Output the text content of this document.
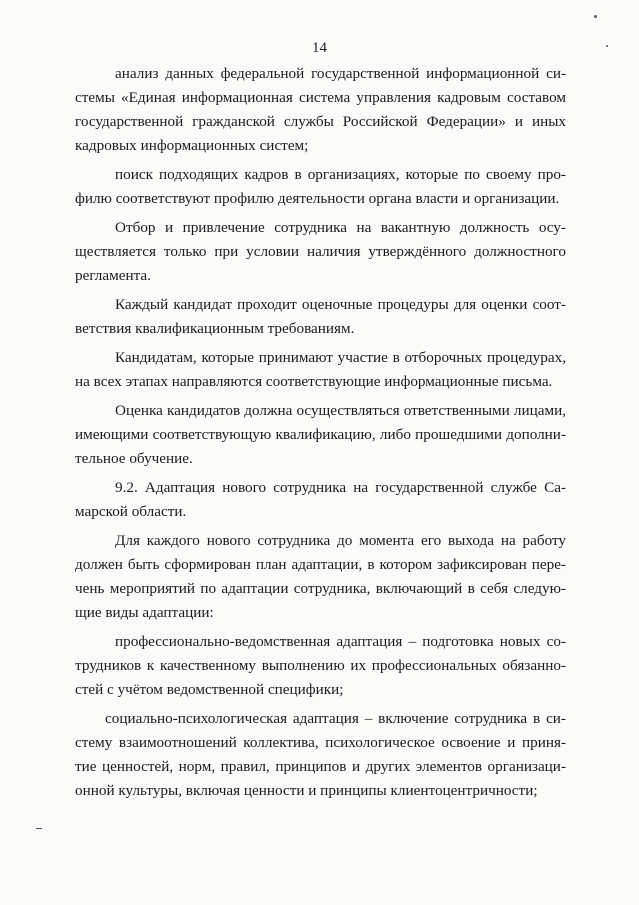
14
анализ данных федеральной государственной информационной си-
стемы «Единая информационная система управления кадровым составом
государственной гражданской службы Российской Федерации» и иных
кадровых информационных систем;
поиск подходящих кадров в организациях, которые по своему про-
филю соответствуют профилю деятельности органа власти и организации.
Отбор и привлечение сотрудника на вакантную должность осу-
ществляется только при условии наличия утверждённого должностного
регламента.
Каждый кандидат проходит оценочные процедуры для оценки соот-
ветствия квалификационным требованиям.
Кандидатам, которые принимают участие в отборочных процедурах,
на всех этапах направляются соответствующие информационные письма.
Оценка кандидатов должна осуществляться ответственными лицами,
имеющими соответствующую квалификацию, либо прошедшими дополни-
тельное обучение.
9.2. Адаптация нового сотрудника на государственной службе Са-
марской области.
Для каждого нового сотрудника до момента его выхода на работу
должен быть сформирован план адаптации, в котором зафиксирован пере-
чень мероприятий по адаптации сотрудника, включающий в себя следую-
щие виды адаптации:
профессионально-ведомственная адаптация – подготовка новых со-
трудников к качественному выполнению их профессиональных обязанно-
стей с учётом ведомственной специфики;
социально-психологическая адаптация – включение сотрудника в си-
стему взаимоотношений коллектива, психологическое освоение и приня-
тие ценностей, норм, правил, принципов и других элементов организаци-
онной культуры, включая ценности и принципы клиентоцентричности;
